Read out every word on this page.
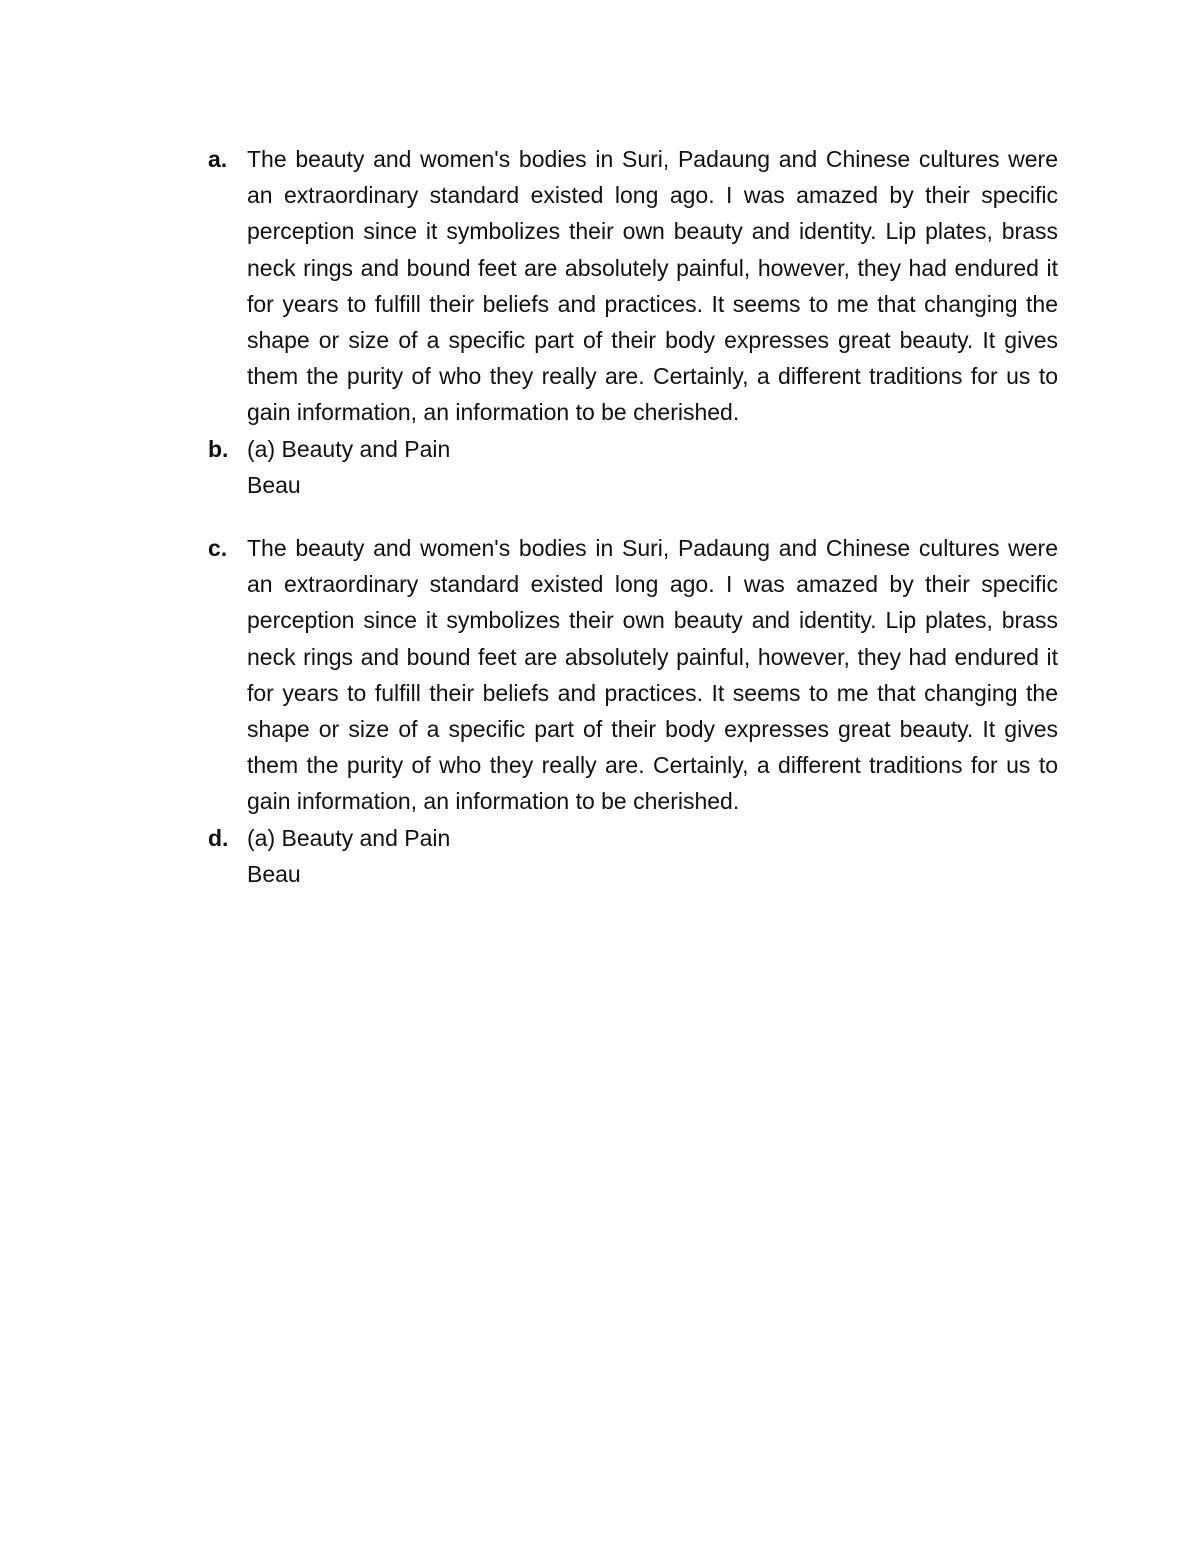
a. The beauty and women's bodies in Suri, Padaung and Chinese cultures were an extraordinary standard existed long ago. I was amazed by their specific perception since it symbolizes their own beauty and identity. Lip plates, brass neck rings and bound feet are absolutely painful, however, they had endured it for years to fulfill their beliefs and practices. It seems to me that changing the shape or size of a specific part of their body expresses great beauty. It gives them the purity of who they really are. Certainly, a different traditions for us to gain information, an information to be cherished.

b. (a) Beauty and Pain

Beau

c. The beauty and women's bodies in Suri, Padaung and Chinese cultures were an extraordinary standard existed long ago. I was amazed by their specific perception since it symbolizes their own beauty and identity. Lip plates, brass neck rings and bound feet are absolutely painful, however, they had endured it for years to fulfill their beliefs and practices. It seems to me that changing the shape or size of a specific part of their body expresses great beauty. It gives them the purity of who they really are. Certainly, a different traditions for us to gain information, an information to be cherished.

d. (a) Beauty and Pain

Beau
